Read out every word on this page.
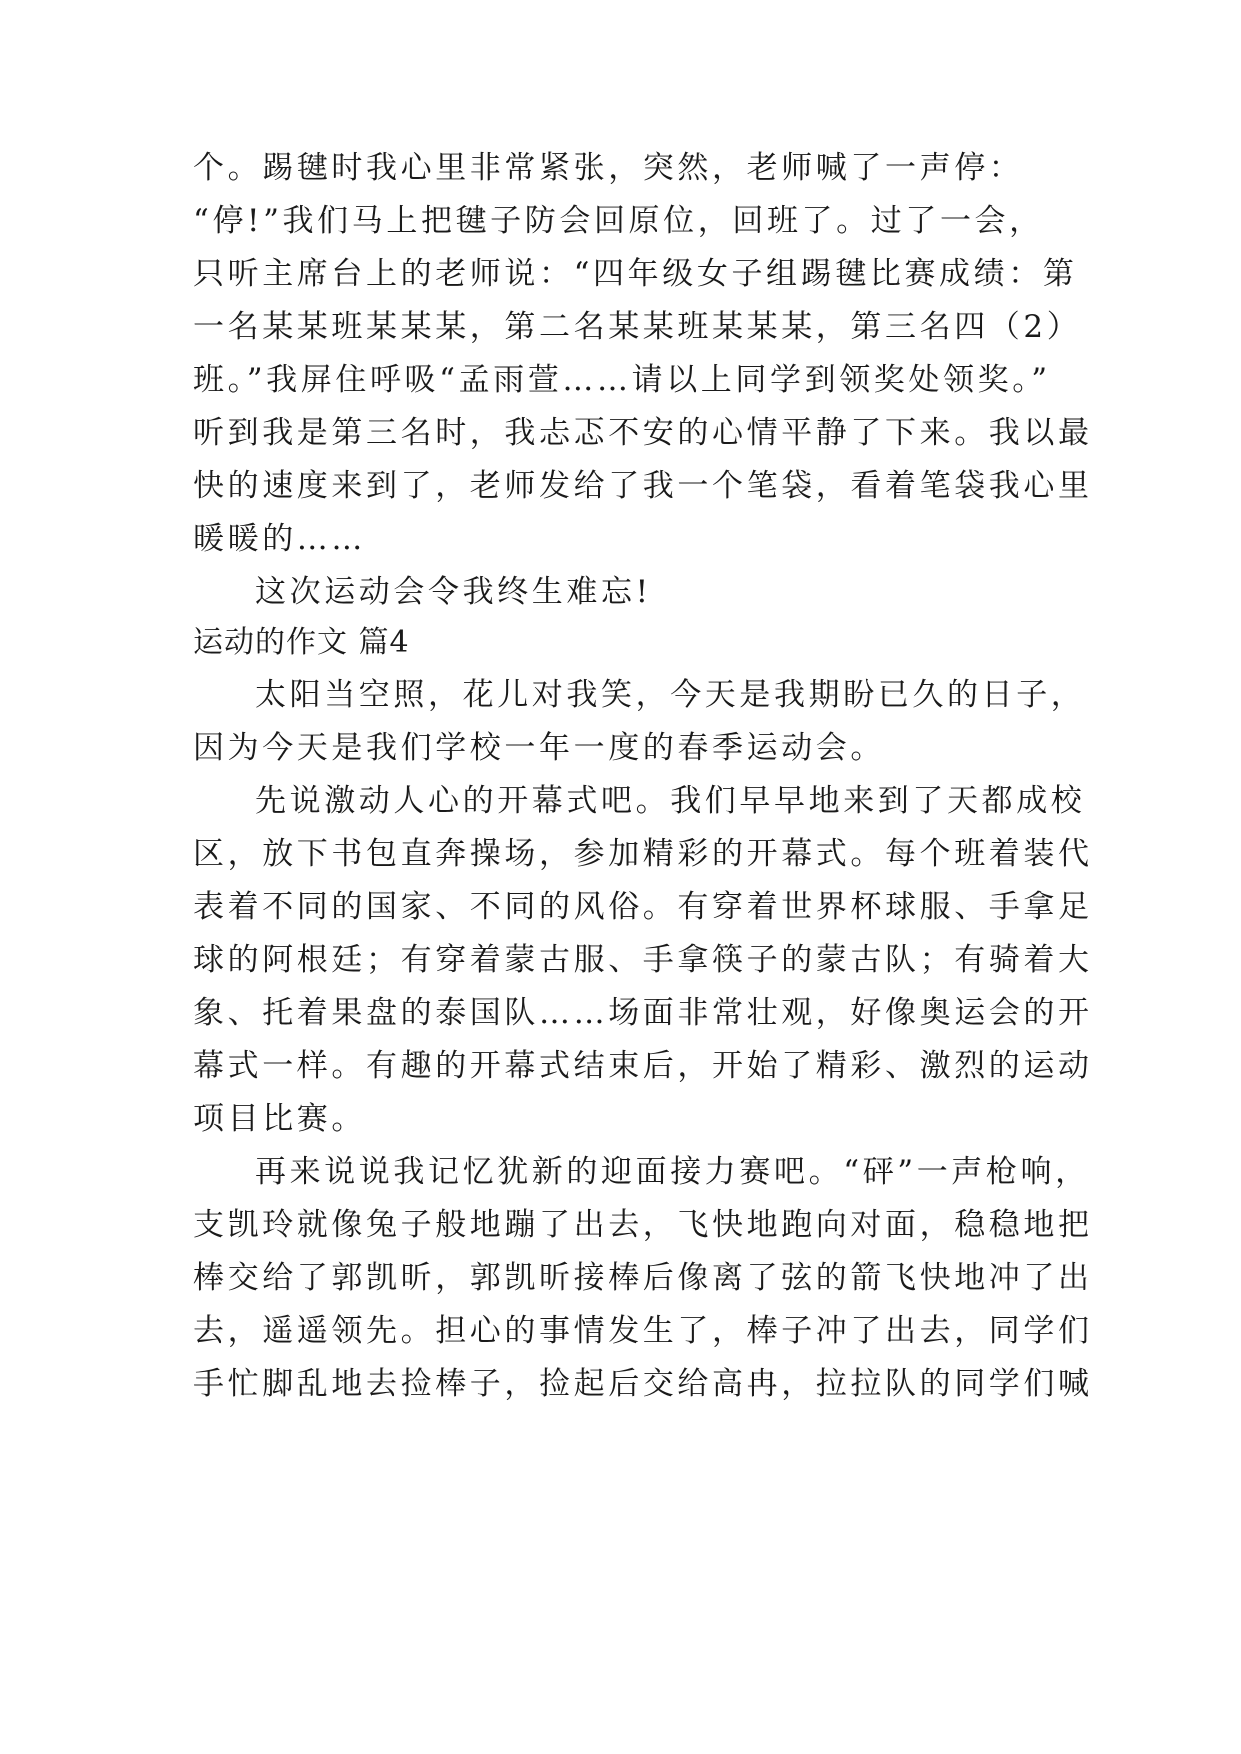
个。踢毽时我心里非常紧张，突然，老师喊了一声停：

“停!”我们马上把毽子防会回原位，回班了。过了一会，

只听主席台上的老师说：“四年级女子组踢毽比赛成绩：第

一名某某班某某某，第二名某某班某某某，第三名四（2）

班。”我屏住呼吸“孟雨萱……请以上同学到领奖处领奖。”

听到我是第三名时，我忐忑不安的心情平静了下来。我以最

快的速度来到了，老师发给了我一个笔袋，看着笔袋我心里

暖暖的……

这次运动会令我终生难忘!

运动的作文 篇4

太阳当空照，花儿对我笑，今天是我期盼已久的日子，

因为今天是我们学校一年一度的春季运动会。

先说激动人心的开幕式吧。我们早早地来到了天都成校

区，放下书包直奔操场，参加精彩的开幕式。每个班着装代

表着不同的国家、不同的风俗。有穿着世界杯球服、手拿足

球的阿根廷；有穿着蒙古服、手拿筷子的蒙古队；有骑着大

象、托着果盘的泰国队……场面非常壮观，好像奥运会的开

幕式一样。有趣的开幕式结束后，开始了精彩、激烈的运动

项目比赛。

再来说说我记忆犹新的迎面接力赛吧。“砰”一声枪响，

支凯玲就像兔子般地蹦了出去，飞快地跑向对面，稳稳地把

棒交给了郭凯昕，郭凯昕接棒后像离了弦的箭飞快地冲了出

去，遥遥领先。担心的事情发生了，棒子冲了出去，同学们

手忙脚乱地去捡棒子，捡起后交给高冉，拉拉队的同学们喊
